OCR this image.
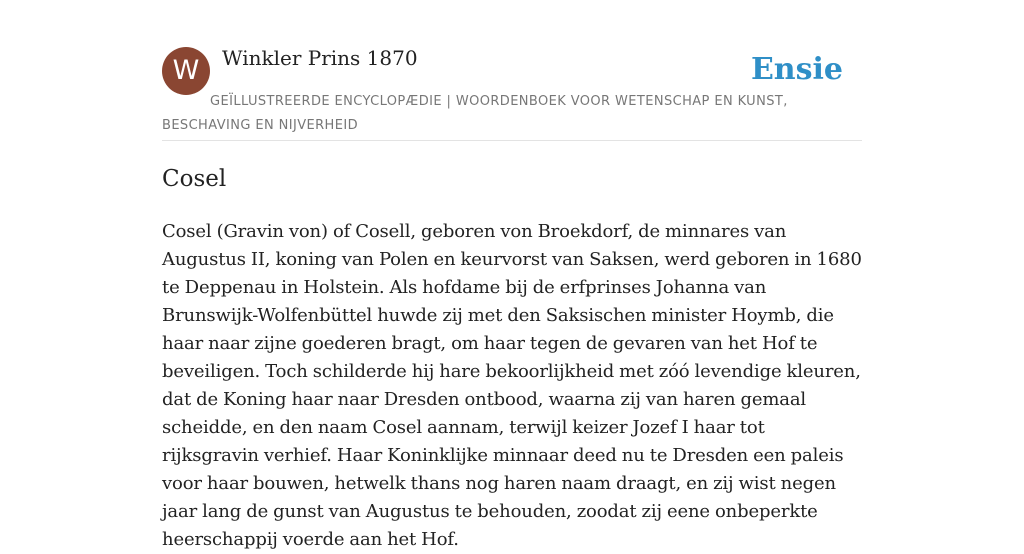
W	Winkler Prins 1870	Ensie
GEÏLLUSTREERDE ENCYCLOPÆDIE | WOORDENBOEK VOOR WETENSCHAP EN KUNST, BESCHAVING EN NIJVERHEID
Cosel

Cosel (Gravin von) of Cosell, geboren von Broekdorf, de minnares van Augustus II, koning van Polen en keurvorst van Saksen, werd geboren in 1680 te Deppenau in Holstein. Als hofdame bij de erfprinses Johanna van Brunswijk-Wolfenbüttel huwde zij met den Saksischen minister Hoymb, die haar naar zijne goederen bragt, om haar tegen de gevaren van het Hof te beveiligen. Toch schilderde hij hare bekoorlijkheid met zóó levendige kleuren, dat de Koning haar naar Dresden ontbood, waarna zij van haren gemaal scheidde, en den naam Cosel aannam, terwijl keizer Jozef I haar tot rijksgravin verhief. Haar Koninklijke minnaar deed nu te Dresden een paleis voor haar bouwen, hetwelk thans nog haren naam draagt, en zij wist negen jaar lang de gunst van Augustus te behouden, zoodat zij eene onbeperkte heerschappij voerde aan het Hof.
